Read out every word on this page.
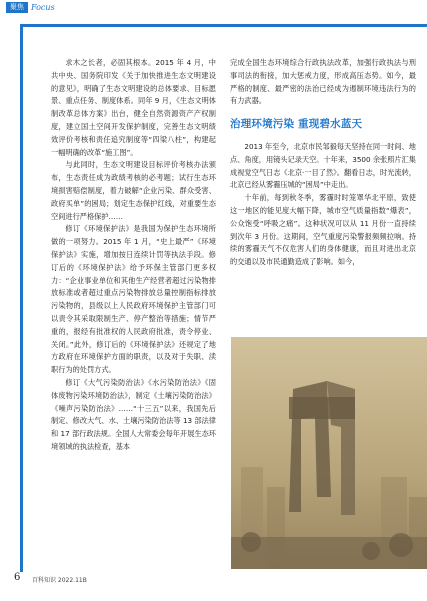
聚焦 Focus

求木之长者，必固其根本。2015 年 4 月，中共中央、国务院印发《关于加快推进生态文明建设的意见》，明确了生态文明建设的总体要求、目标愿景、重点任务、制度体系。同年 9 月，《生态文明体制改革总体方案》出台，健全自然资源资产产权制度，建立国土空间开发保护制度，完善生态文明绩效评价考核和责任追究制度等“四梁八柱”，构建起一幅明确的改革“施工图”。

与此同时，生态文明建设目标评价考核办法颁布，生态责任成为政绩考核的必考题；试行生态环境损害赔偿制度，着力破解“企业污染、群众受害、政府买单”的困局；划定生态保护红线，对重要生态空间进行严格保护……

修订《环境保护法》是我国为保护生态环境所做的一项努力。2015 年 1 月，“史上最严”《环境保护法》实施，增加按日连续计罚等执法手段。修订后的《环境保护法》给予环保主管部门更多权力：“企业事业单位和其他生产经营者超过污染物排放标准或者超过重点污染物排放总量控制指标排放污染物的，县级以上人民政府环境保护主管部门可以责令其采取限制生产、停产整治等措施；情节严重的，报经有批准权的人民政府批准，责令停业、关闭。”此外，修订后的《环境保护法》还规定了地方政府在环境保护方面的职责，以及对于失职、渎职行为的处罚方式。

修订《大气污染防治法》《水污染防治法》《固体废物污染环境防治法》，制定《土壤污染防治法》《噪声污染防治法》……“十三五”以来，我国先后制定、修改大气、水、土壤污染防治法等 13 部法律和 17 部行政法规。全国人大常委会每年开展生态环境领域的执法检查，基本

完成全国生态环境综合行政执法改革，加强行政执法与刑事司法的衔接，加大惩戒力度，形成高压态势。如今，最严格的制度、最严密的法治已经成为遏制环境违法行为的有力武器。

治理环境污染 重现碧水蓝天

2013 年至今，北京市民邹毅每天坚持在同一时间、地点、角度，用镜头记录天空。十年来，3500 余张照片汇集成视觉空气日志《北京·一目了然》。翻看日志，时光流转，北京已经从雾霾压城的“困局”中走出。

十年前，每到秋冬季，雾霾时时笼罩华北平原，致使这一地区的能见度大幅下降，城市空气质量指数“爆表”，公众饱受“呼吸之痛”。这种状况可以从 11 月份一直持续到次年 3 月份。这期间，空气重度污染警报频频拉响。持续的雾霾天气不仅危害人们的身体健康，而且对进出北京的交通以及市民通勤造成了影响。如今，

6 百科知识 2022.11B
